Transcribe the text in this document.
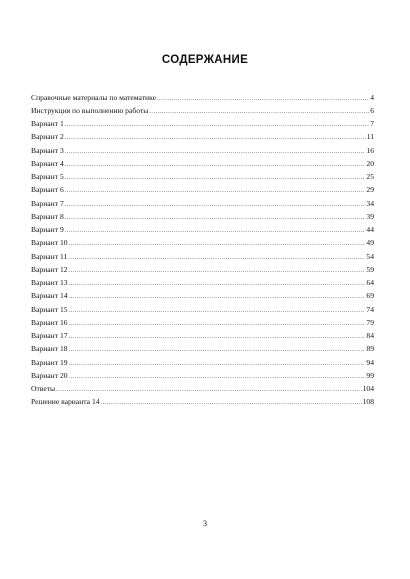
СОДЕРЖАНИЕ
Справочные материалы по математике .....	4
Инструкция по выполнению работы .....	6
Вариант 1 .....	7
Вариант 2 .....	11
Вариант 3 .....	16
Вариант 4 .....	20
Вариант 5 .....	25
Вариант 6 .....	29
Вариант 7 .....	34
Вариант 8 .....	39
Вариант 9 .....	44
Вариант 10 .....	49
Вариант 11 .....	54
Вариант 12 .....	59
Вариант 13 .....	64
Вариант 14 .....	69
Вариант 15 .....	74
Вариант 16 .....	79
Вариант 17 .....	84
Вариант 18 .....	89
Вариант 19 .....	94
Вариант 20 .....	99
Ответы .....	104
Решение варианта 14 .....	108
3
